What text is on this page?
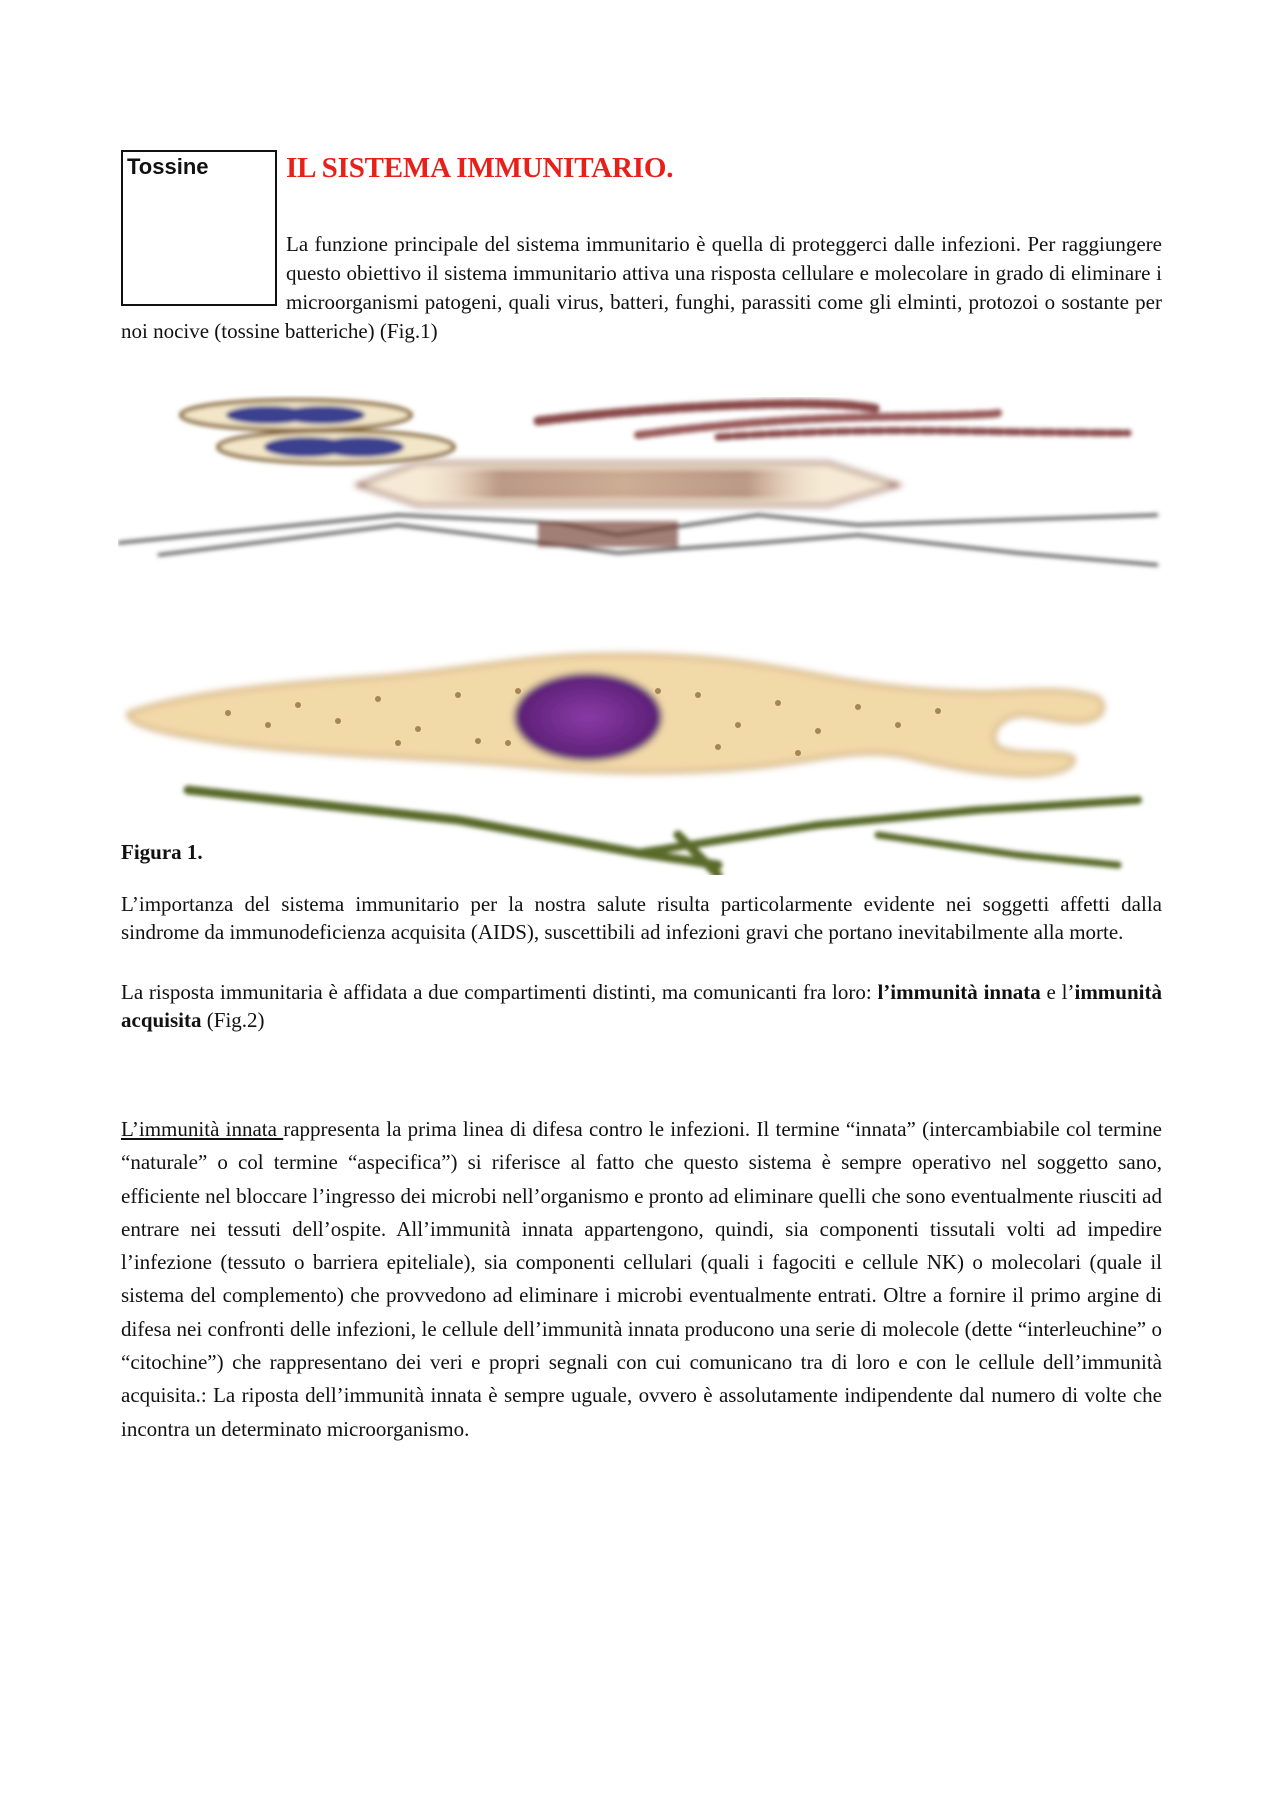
Tossine	IL SISTEMA IMMUNITARIO.

La funzione principale del sistema immunitario è quella di proteggerci dalle infezioni. Per raggiungere questo obiettivo il sistema immunitario attiva una risposta cellulare e molecolare in grado di eliminare i microorganismi patogeni, quali virus, batteri, funghi, parassiti come gli elminti, protozoi o sostante per noi nocive (tossine batteriche) (Fig.1)

Figura 1.

L’importanza del sistema immunitario per la nostra salute risulta particolarmente evidente nei soggetti affetti dalla sindrome da immunodeficienza acquisita (AIDS), suscettibili ad infezioni gravi che portano inevitabilmente alla morte.

La risposta immunitaria è affidata a due compartimenti distinti, ma comunicanti fra loro: l’immunità innata e l’immunità acquisita (Fig.2)

L’immunità innata rappresenta la prima linea di difesa contro le infezioni. Il termine “innata” (intercambiabile col termine “naturale” o col termine “aspecifica”) si riferisce al fatto che questo sistema è sempre operativo nel soggetto sano, efficiente nel bloccare l’ingresso dei microbi nell’organismo e pronto ad eliminare quelli che sono eventualmente riusciti ad entrare nei tessuti dell’ospite. All’immunità innata appartengono, quindi, sia componenti tissutali volti ad impedire l’infezione (tessuto o barriera epiteliale), sia componenti cellulari (quali i fagociti e cellule NK) o molecolari (quale il sistema del complemento) che provvedono ad eliminare i microbi eventualmente entrati. Oltre a fornire il primo argine di difesa nei confronti delle infezioni, le cellule dell’immunità innata producono una serie di molecole (dette “interleuchine” o “citochine”) che rappresentano dei veri e propri segnali con cui comunicano tra di loro e con le cellule dell’immunità acquisita.: La riposta dell’immunità innata è sempre uguale, ovvero è assolutamente indipendente dal numero di volte che incontra un determinato microorganismo.
